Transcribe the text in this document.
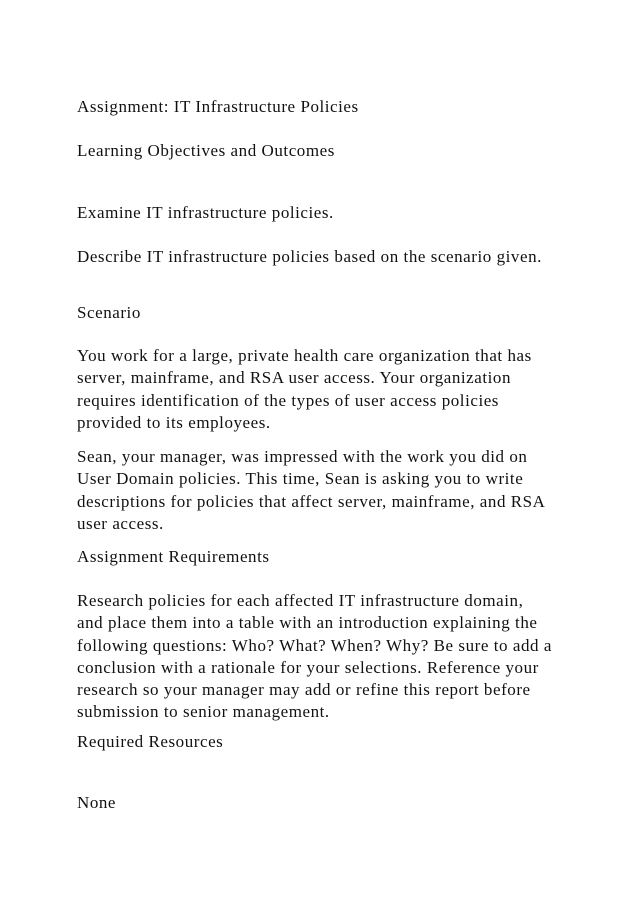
Assignment: IT Infrastructure Policies

Learning Objectives and Outcomes

Examine IT infrastructure policies.

Describe IT infrastructure policies based on the scenario given.

Scenario

You work for a large, private health care organization that has
server, mainframe, and RSA user access. Your organization
requires identification of the types of user access policies
provided to its employees.
Sean, your manager, was impressed with the work you did on
User Domain policies. This time, Sean is asking you to write
descriptions for policies that affect server, mainframe, and RSA
user access.

Assignment Requirements

Research policies for each affected IT infrastructure domain,
and place them into a table with an introduction explaining the
following questions: Who? What? When? Why? Be sure to add a
conclusion with a rationale for your selections. Reference your
research so your manager may add or refine this report before
submission to senior management.

Required Resources

None
